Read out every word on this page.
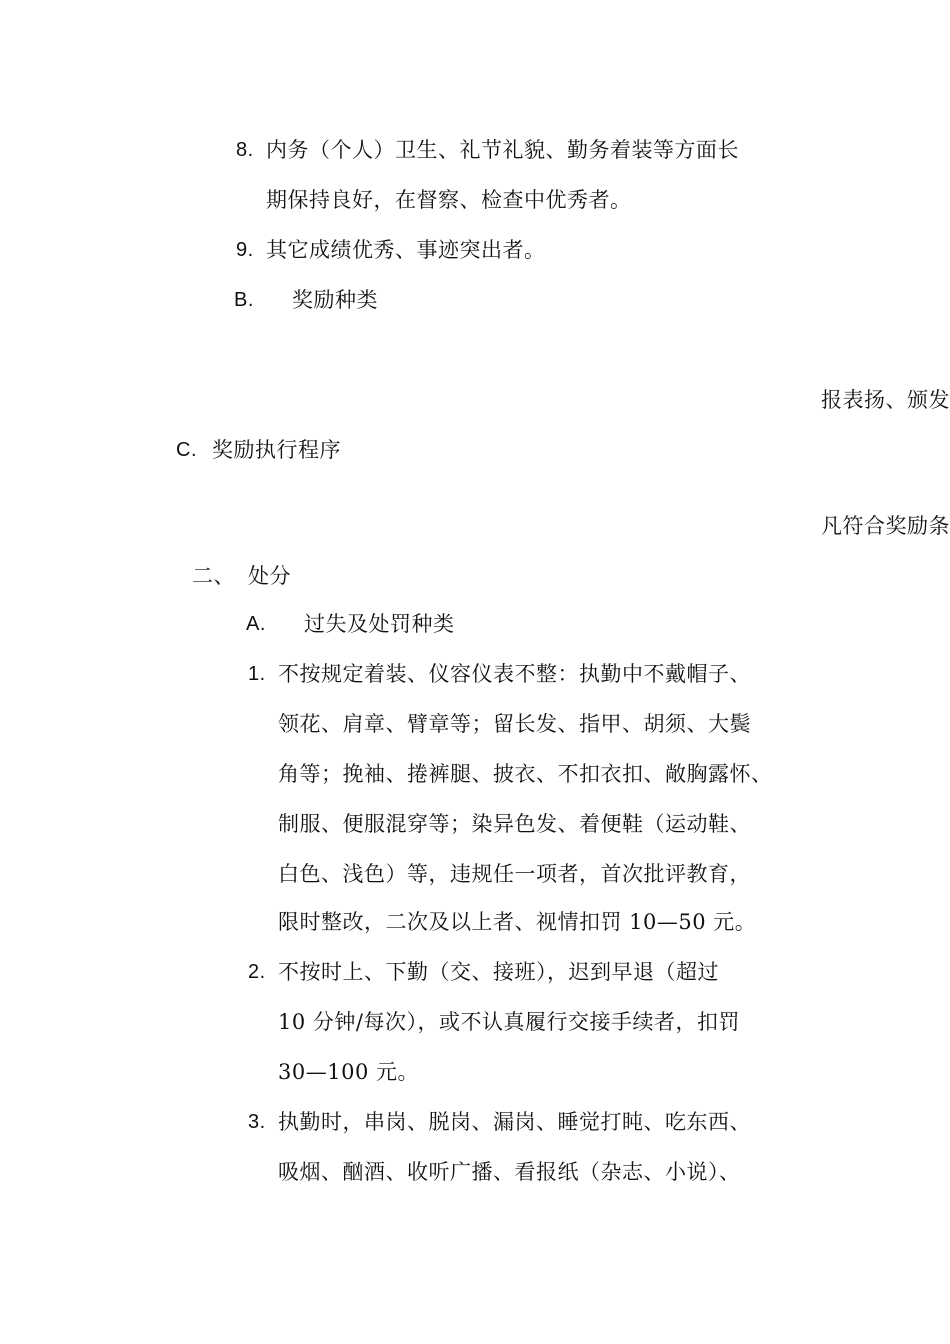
8. 内务（个人）卫生、礼节礼貌、勤务着装等方面长
期保持良好，在督察、检查中优秀者。
9. 其它成绩优秀、事迹突出者。
B. 奖励种类
报表扬、颁发
C. 奖励执行程序
凡符合奖励条
二、 处分
A. 过失及处罚种类
1. 不按规定着装、仪容仪表不整：执勤中不戴帽子、
领花、肩章、臂章等；留长发、指甲、胡须、大鬓
角等；挽袖、捲裤腿、披衣、不扣衣扣、敞胸露怀、
制服、便服混穿等；染异色发、着便鞋（运动鞋、
白色、浅色）等，违规任一项者，首次批评教育，
限时整改，二次及以上者、视情扣罚 10—50 元。
2. 不按时上、下勤（交、接班），迟到早退（超过
10 分钟/每次），或不认真履行交接手续者，扣罚
30—100 元。
3. 执勤时，串岗、脱岗、漏岗、睡觉打盹、吃东西、
吸烟、酗酒、收听广播、看报纸（杂志、小说）、
